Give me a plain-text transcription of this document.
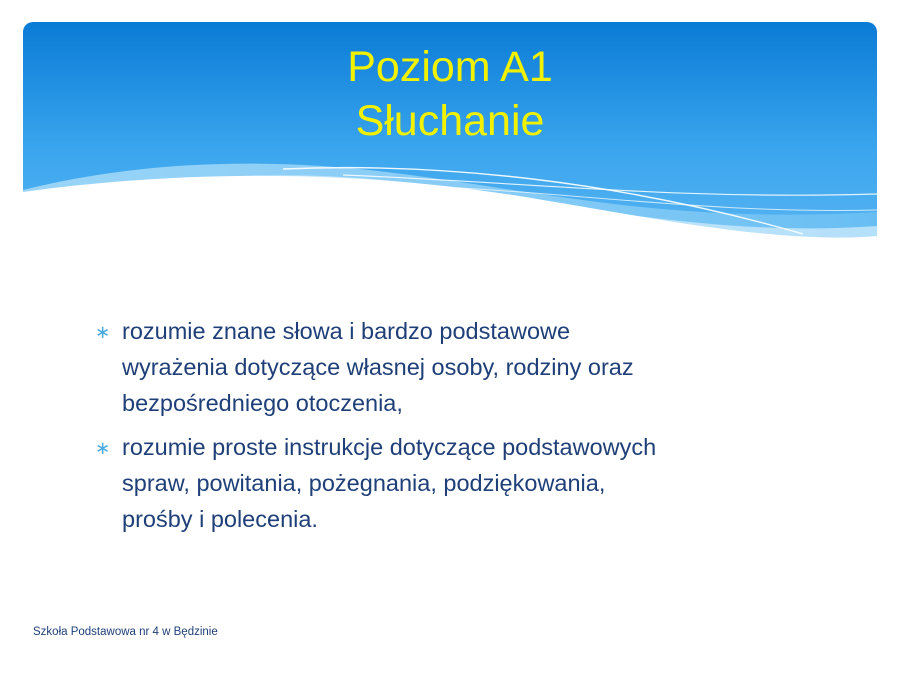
Poziom A1
Słuchanie
∗ rozumie znane słowa i bardzo podstawowe
wyrażenia dotyczące własnej osoby, rodziny oraz
bezpośredniego otoczenia,
∗ rozumie proste instrukcje dotyczące podstawowych
spraw, powitania, pożegnania, podziękowania,
prośby i polecenia.
Szkoła Podstawowa nr 4 w Będzinie
